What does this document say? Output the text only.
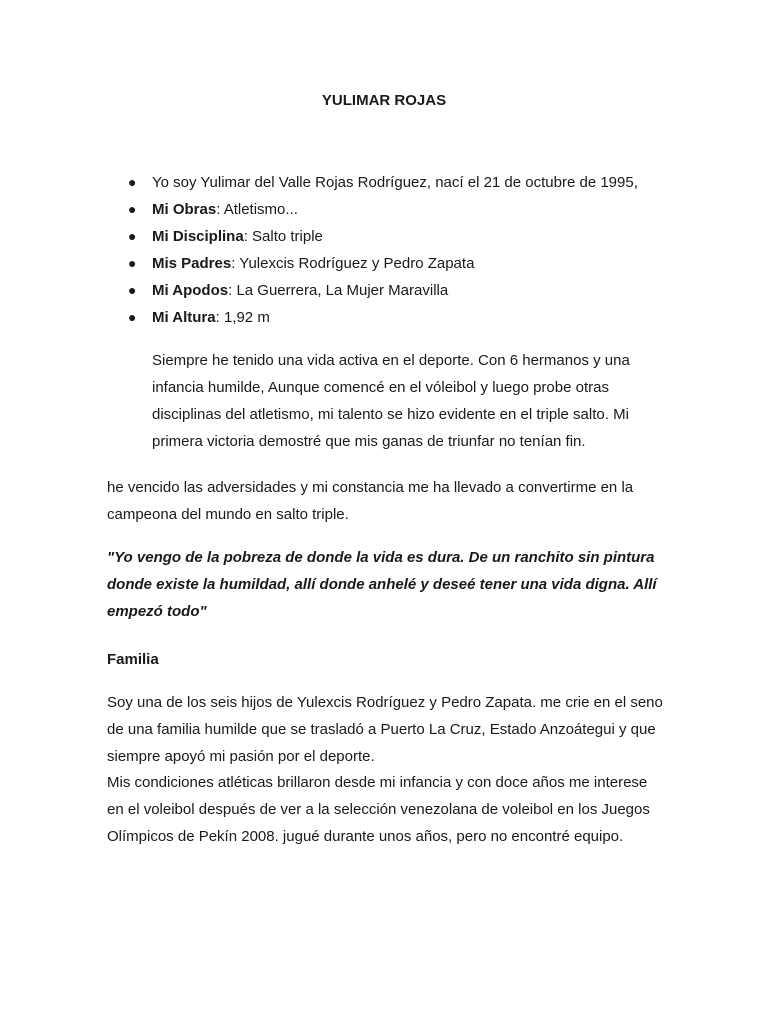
YULIMAR ROJAS
● Yo soy Yulimar del Valle Rojas Rodríguez, nací el 21 de octubre de 1995,
● Mi Obras: Atletismo...
● Mi Disciplina: Salto triple
● Mis Padres: Yulexcis Rodríguez y Pedro Zapata
● Mi Apodos: La Guerrera, La Mujer Maravilla
● Mi Altura: 1,92 m

Siempre he tenido una vida activa en el deporte. Con 6 hermanos y una infancia humilde, Aunque comencé en el vóleibol y luego probe otras disciplinas del atletismo, mi talento se hizo evidente en el triple salto. Mi primera victoria demostré que mis ganas de triunfar no tenían fin.

he vencido las adversidades y mi constancia me ha llevado a convertirme en la campeona del mundo en salto triple.

"Yo vengo de la pobreza de donde la vida es dura. De un ranchito sin pintura donde existe la humildad, allí donde anhelé y deseé tener una vida digna. Allí empezó todo"

Familia

Soy una de los seis hijos de Yulexcis Rodríguez y Pedro Zapata. me crie en el seno de una familia humilde que se trasladó a Puerto La Cruz, Estado Anzoátegui y que siempre apoyó mi pasión por el deporte.

Mis condiciones atléticas brillaron desde mi infancia y con doce años me interese en el voleibol después de ver a la selección venezolana de voleibol en los Juegos Olímpicos de Pekín 2008. jugué durante unos años, pero no encontré equipo.
